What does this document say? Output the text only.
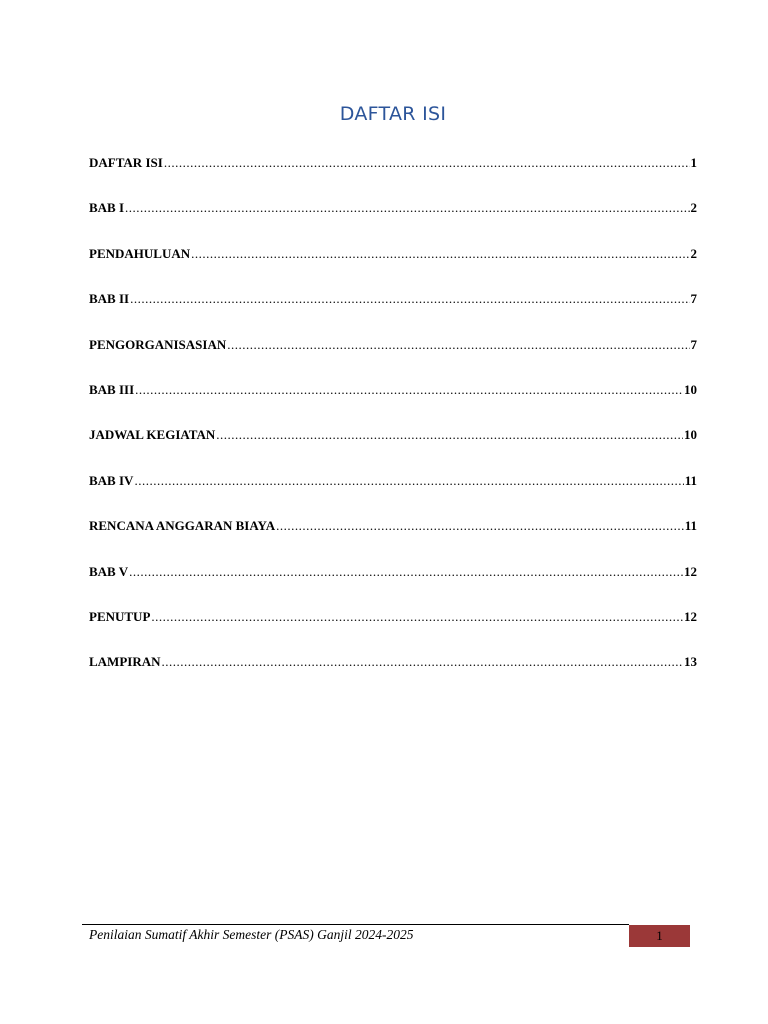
DAFTAR ISI
DAFTAR ISI .....	1
BAB I .....	2
PENDAHULUAN .....	2
BAB II .....	7
PENGORGANISASIAN .....	7
BAB III .....	10
JADWAL KEGIATAN .....	10
BAB IV .....	11
RENCANA ANGGARAN BIAYA .....	11
BAB V .....	12
PENUTUP .....	12
LAMPIRAN .....	13
Penilaian Sumatif Akhir Semester (PSAS) Ganjil 2024-2025	1
